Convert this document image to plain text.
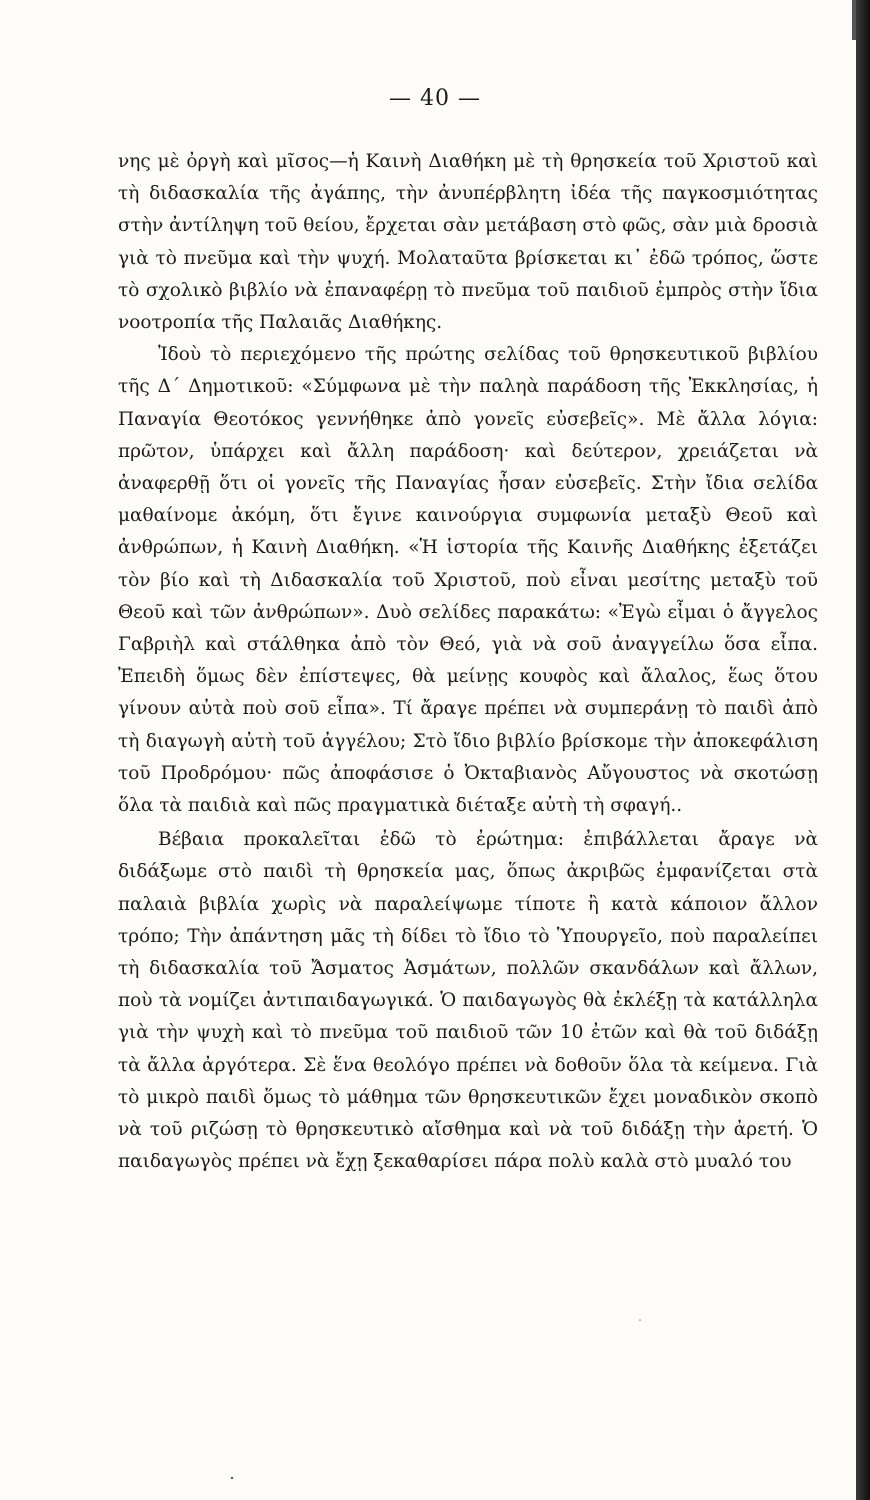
— 40 —

νης μὲ ὀργὴ καὶ μῖσος—ἡ Καινὴ Διαθήκη μὲ τὴ θρησκεία τοῦ Χριστοῦ καὶ τὴ διδασκαλία τῆς ἀγάπης, τὴν ἀνυπέρβλητη ἰδέα τῆς παγκοσμιότητας στὴν ἀντίληψη τοῦ θείου, ἔρχεται σὰν μετάβαση στὸ φῶς, σὰν μιὰ δροσιὰ γιὰ τὸ πνεῦμα καὶ τὴν ψυχή. Μολαταῦτα βρίσκεται κι᾽ ἐδῶ τρόπος, ὥστε τὸ σχολικὸ βιβλίο νὰ ἐπαναφέρῃ τὸ πνεῦμα τοῦ παιδιοῦ ἐμπρὸς στὴν ἴδια νοοτροπία τῆς Παλαιᾶς Διαθήκης.

Ἰδοὺ τὸ περιεχόμενο τῆς πρώτης σελίδας τοῦ θρησκευτικοῦ βιβλίου τῆς Δ´ Δημοτικοῦ: «Σύμφωνα μὲ τὴν παληὰ παράδοση τῆς Ἐκκλησίας, ἡ Παναγία Θεοτόκος γεννήθηκε ἀπὸ γονεῖς εὐσεβεῖς». Μὲ ἄλλα λόγια: πρῶτον, ὑπάρχει καὶ ἄλλη παράδοση· καὶ δεύτερον, χρειάζεται νὰ ἀναφερθῇ ὅτι οἱ γονεῖς τῆς Παναγίας ἦσαν εὐσεβεῖς. Στὴν ἴδια σελίδα μαθαίνομε ἀκόμη, ὅτι ἔγινε καινούργια συμφωνία μεταξὺ Θεοῦ καὶ ἀνθρώπων, ἡ Καινὴ Διαθήκη. «Ἡ ἱστορία τῆς Καινῆς Διαθήκης ἐξετάζει τὸν βίο καὶ τὴ Διδασκαλία τοῦ Χριστοῦ, ποὺ εἶναι μεσίτης μεταξὺ τοῦ Θεοῦ καὶ τῶν ἀνθρώπων». Δυὸ σελίδες παρακάτω: «Ἐγὼ εἶμαι ὁ ἄγγελος Γαβριὴλ καὶ στάλθηκα ἀπὸ τὸν Θεό, γιὰ νὰ σοῦ ἀναγγείλω ὅσα εἶπα. Ἐπειδὴ ὅμως δὲν ἐπίστεψες, θὰ μείνῃς κουφὸς καὶ ἄλαλος, ἕως ὅτου γίνουν αὐτὰ ποὺ σοῦ εἶπα». Τί ἄραγε πρέπει νὰ συμπεράνῃ τὸ παιδὶ ἀπὸ τὴ διαγωγὴ αὐτὴ τοῦ ἀγγέλου; Στὸ ἴδιο βιβλίο βρίσκομε τὴν ἀποκεφάλιση τοῦ Προδρόμου· πῶς ἀποφάσισε ὁ Ὀκταβιανὸς Αὔγουστος νὰ σκοτώσῃ ὅλα τὰ παιδιὰ καὶ πῶς πραγματικὰ διέταξε αὐτὴ τὴ σφαγή..

Βέβαια προκαλεῖται ἐδῶ τὸ ἐρώτημα: ἐπιβάλλεται ἄραγε νὰ διδάξωμε στὸ παιδὶ τὴ θρησκεία μας, ὅπως ἀκριβῶς ἐμφανίζεται στὰ παλαιὰ βιβλία χωρὶς νὰ παραλείψωμε τίποτε ἢ κατὰ κάποιον ἄλλον τρόπο; Τὴν ἀπάντηση μᾶς τὴ δίδει τὸ ἴδιο τὸ Ὑπουργεῖο, ποὺ παραλείπει τὴ διδασκαλία τοῦ Ἄσματος Ἀσμάτων, πολλῶν σκανδάλων καὶ ἄλλων, ποὺ τὰ νομίζει ἀντιπαιδαγωγικά. Ὁ παιδαγωγὸς θὰ ἐκλέξῃ τὰ κατάλληλα γιὰ τὴν ψυχὴ καὶ τὸ πνεῦμα τοῦ παιδιοῦ τῶν 10 ἐτῶν καὶ θὰ τοῦ διδάξῃ τὰ ἄλλα ἀργότερα. Σὲ ἕνα θεολόγο πρέπει νὰ δοθοῦν ὅλα τὰ κείμενα. Γιὰ τὸ μικρὸ παιδὶ ὅμως τὸ μάθημα τῶν θρησκευτικῶν ἔχει μοναδικὸν σκοπὸ νὰ τοῦ ριζώσῃ τὸ θρησκευτικὸ αἴσθημα καὶ νὰ τοῦ διδάξῃ τὴν ἀρετή. Ὁ παιδαγωγὸς πρέπει νὰ ἔχῃ ξεκαθαρίσει πάρα πολὺ καλὰ στὸ μυαλό του
